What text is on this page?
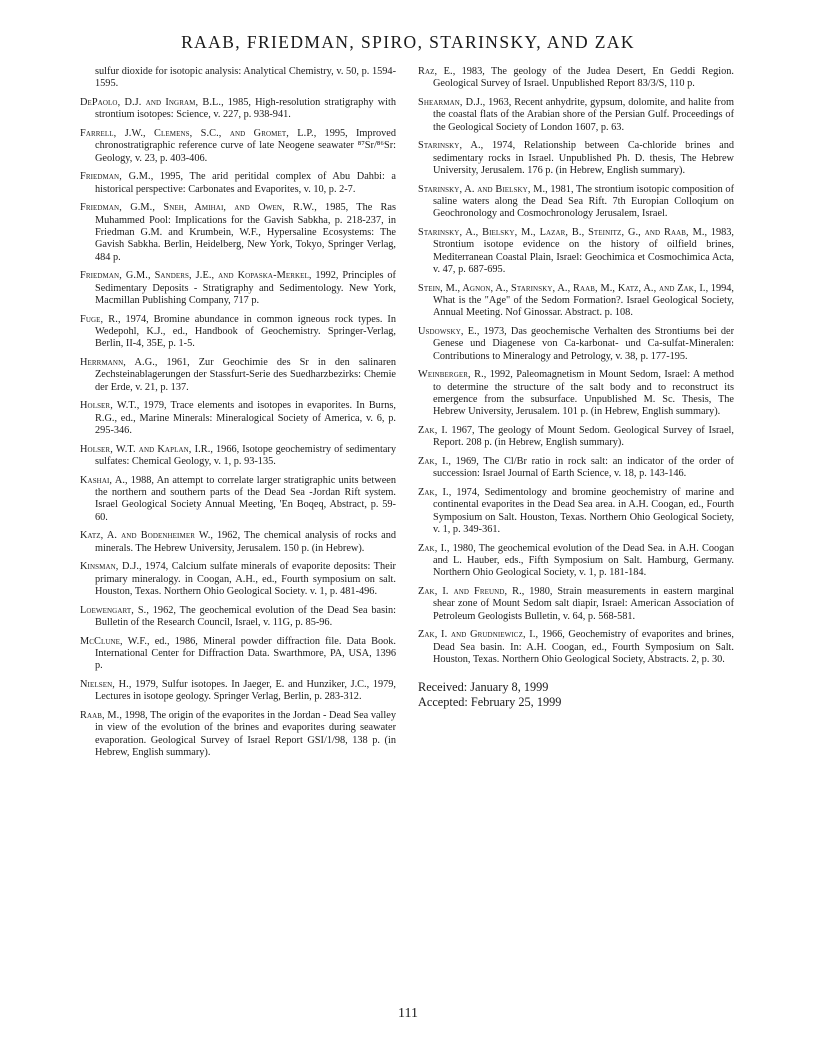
RAAB, FRIEDMAN, SPIRO, STARINSKY, AND ZAK

sulfur dioxide for isotopic analysis: Analytical Chemistry, v. 50, p. 1594-1595.

DePaolo, D.J. and Ingram, B.L., 1985, High-resolution stratigraphy with strontium isotopes: Science, v. 227, p. 938-941.

Farrell, J.W., Clemens, S.C., and Gromet, L.P., 1995, Improved chronostratigraphic reference curve of late Neogene seawater ⁸⁷Sr/⁸⁶Sr: Geology, v. 23, p. 403-406.

Friedman, G.M., 1995, The arid peritidal complex of Abu Dahbi: a historical perspective: Carbonates and Evaporites, v. 10, p. 2-7.

Friedman, G.M., Sneh, Amihai, and Owen, R.W., 1985, The Ras Muhammed Pool: Implications for the Gavish Sabkha, p. 218-237, in Friedman G.M. and Krumbein, W.F., Hypersaline Ecosystems: The Gavish Sabkha. Berlin, Heidelberg, New York, Tokyo, Springer Verlag, 484 p.

Friedman, G.M., Sanders, J.E., and Kopaska-Merkel, 1992, Principles of Sedimentary Deposits - Stratigraphy and Sedimentology. New York, Macmillan Publishing Company, 717 p.

Fuge, R., 1974, Bromine abundance in common igneous rock types. In Wedepohl, K.J., ed., Handbook of Geochemistry. Springer-Verlag, Berlin, II-4, 35E, p. 1-5.

Herrmann, A.G., 1961, Zur Geochimie des Sr in den salinaren Zechsteinablagerungen der Stassfurt-Serie des Suedharzbezirks: Chemie der Erde, v. 21, p. 137.

Holser, W.T., 1979, Trace elements and isotopes in evaporites. In Burns, R.G., ed., Marine Minerals: Mineralogical Society of America, v. 6, p. 295-346.

Holser, W.T. and Kaplan, I.R., 1966, Isotope geochemistry of sedimentary sulfates: Chemical Geology, v. 1, p. 93-135.

Kashai, A., 1988, An attempt to correlate larger stratigraphic units between the northern and southern parts of the Dead Sea -Jordan Rift system. Israel Geological Society Annual Meeting, 'En Boqeq, Abstract, p. 59-60.

Katz, A. and Bodenheimer W., 1962, The chemical analysis of rocks and minerals. The Hebrew University, Jerusalem. 150 p. (in Hebrew).

Kinsman, D.J., 1974, Calcium sulfate minerals of evaporite deposits: Their primary mineralogy. in Coogan, A.H., ed., Fourth symposium on salt. Houston, Texas. Northern Ohio Geological Society. v. 1, p. 481-496.

Loewengart, S., 1962, The geochemical evolution of the Dead Sea basin: Bulletin of the Research Council, Israel, v. 11G, p. 85-96.

McClune, W.F., ed., 1986, Mineral powder diffraction file. Data Book. International Center for Diffraction Data. Swarthmore, PA, USA, 1396 p.

Nielsen, H., 1979, Sulfur isotopes. In Jaeger, E. and Hunziker, J.C., 1979, Lectures in isotope geology. Springer Verlag, Berlin, p. 283-312.

Raab, M., 1998, The origin of the evaporites in the Jordan - Dead Sea valley in view of the evolution of the brines and evaporites during seawater evaporation. Geological Survey of Israel Report GSI/1/98, 138 p. (in Hebrew, English summary).

Raz, E., 1983, The geology of the Judea Desert, En Geddi Region. Geological Survey of Israel. Unpublished Report 83/3/S, 110 p.

Shearman, D.J., 1963, Recent anhydrite, gypsum, dolomite, and halite from the coastal flats of the Arabian shore of the Persian Gulf. Proceedings of the Geological Society of London 1607, p. 63.

Starinsky, A., 1974, Relationship between Ca-chloride brines and sedimentary rocks in Israel. Unpublished Ph. D. thesis, The Hebrew University, Jerusalem. 176 p. (in Hebrew, English summary).

Starinsky, A. and Bielsky, M., 1981, The strontium isotopic composition of saline waters along the Dead Sea Rift. 7th Europian Colloqium on Geochronology and Cosmochronology Jerusalem, Israel.

Starinsky, A., Bielsky, M., Lazar, B., Steinitz, G., and Raab, M., 1983, Strontium isotope evidence on the history of oilfield brines, Mediterranean Coastal Plain, Israel: Geochimica et Cosmochimica Acta, v. 47, p. 687-695.

Stein, M., Agnon, A., Starinsky, A., Raab, M., Katz, A., and Zak, I., 1994, What is the "Age" of the Sedom Formation?. Israel Geological Society, Annual Meeting. Nof Ginossar. Abstract. p. 108.

Usdowsky, E., 1973, Das geochemische Verhalten des Strontiums bei der Genese und Diagenese von Ca-karbonat- und Ca-sulfat-Mineralen: Contributions to Mineralogy and Petrology, v. 38, p. 177-195.

Weinberger, R., 1992, Paleomagnetism in Mount Sedom, Israel: A method to determine the structure of the salt body and to reconstruct its emergence from the subsurface. Unpublished M. Sc. Thesis, The Hebrew University, Jerusalem. 101 p. (in Hebrew, English summary).

Zak, I. 1967, The geology of Mount Sedom. Geological Survey of Israel, Report. 208 p. (in Hebrew, English summary).

Zak, I., 1969, The Cl/Br ratio in rock salt: an indicator of the order of succession: Israel Journal of Earth Science, v. 18, p. 143-146.

Zak, I., 1974, Sedimentology and bromine geochemistry of marine and continental evaporites in the Dead Sea area. in A.H. Coogan, ed., Fourth Symposium on Salt. Houston, Texas. Northern Ohio Geological Society, v. 1, p. 349-361.

Zak, I., 1980, The geochemical evolution of the Dead Sea. in A.H. Coogan and L. Hauber, eds., Fifth Symposium on Salt. Hamburg, Germany. Northern Ohio Geological Society, v. 1, p. 181-184.

Zak, I. and Freund, R., 1980, Strain measurements in eastern marginal shear zone of Mount Sedom salt diapir, Israel: American Association of Petroleum Geologists Bulletin, v. 64, p. 568-581.

Zak, I. and Grudniewicz, I., 1966, Geochemistry of evaporites and brines, Dead Sea basin. In: A.H. Coogan, ed., Fourth Symposium on Salt. Houston, Texas. Northern Ohio Geological Society, Abstracts. 2, p. 30.

Received: January 8, 1999
Accepted: February 25, 1999
111
